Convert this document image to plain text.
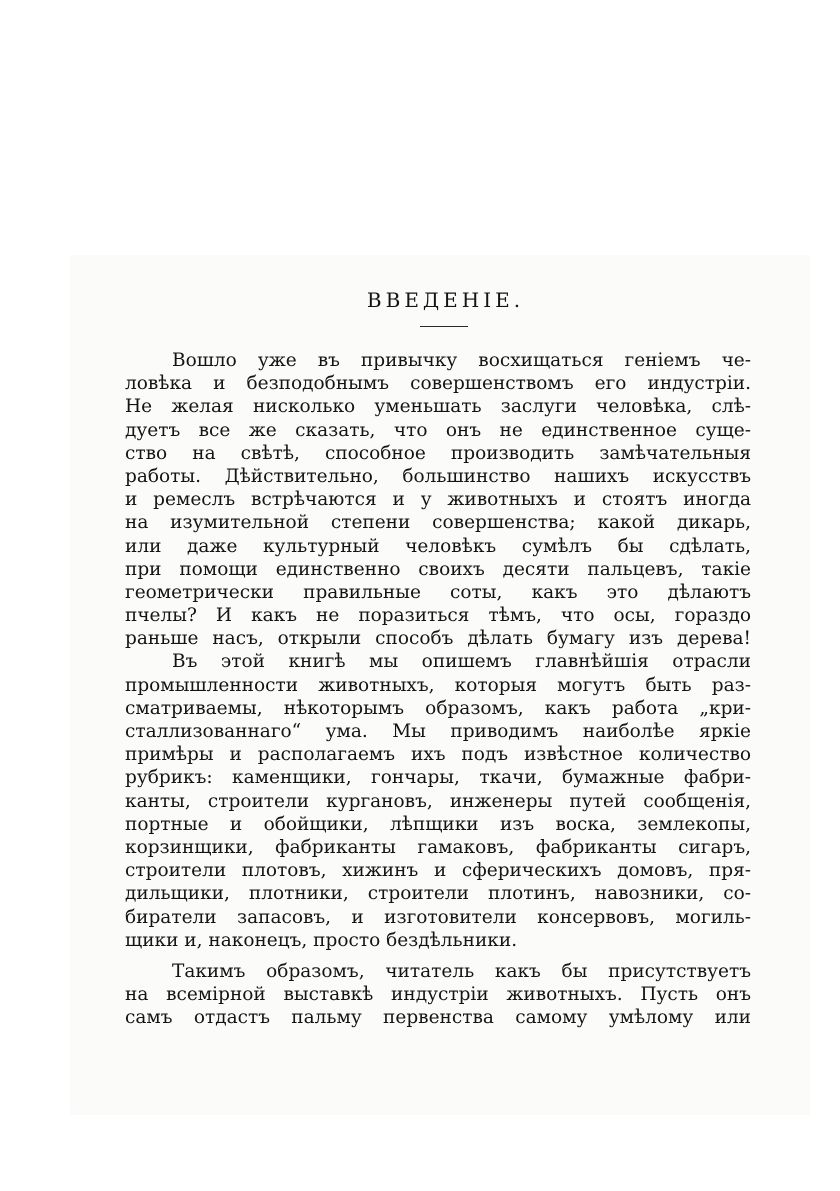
ВВЕДЕНІЕ.
Вошло уже въ привычку восхищаться геніемъ че-
ловѣка и безподобнымъ совершенствомъ его индустріи.
Не желая нисколько уменьшать заслуги человѣка, слѣ-
дуетъ все же сказать, что онъ не единственное суще-
ство на свѣтѣ, способное производить замѣчательныя
работы. Дѣйствительно, большинство нашихъ искусствъ
и ремеслъ встрѣчаются и у животныхъ и стоятъ иногда
на изумительной степени совершенства; какой дикарь,
или даже культурный человѣкъ сумѣлъ бы сдѣлать,
при помощи единственно своихъ десяти пальцевъ, такіе
геометрически правильные соты, какъ это дѣлаютъ
пчелы? И какъ не поразиться тѣмъ, что осы, гораздо
раньше насъ, открыли способъ дѣлать бумагу изъ дерева!
Въ этой книгѣ мы опишемъ главнѣйшія отрасли
промышленности животныхъ, которыя могутъ быть раз-
сматриваемы, нѣкоторымъ образомъ, какъ работа „кри-
сталлизованнаго“ ума. Мы приводимъ наиболѣе яркіе
примѣры и располагаемъ ихъ подъ извѣстное количество
рубрикъ: каменщики, гончары, ткачи, бумажные фабри-
канты, строители кургановъ, инженеры путей сообщенія,
портные и обойщики, лѣпщики изъ воска, землекопы,
корзинщики, фабриканты гамаковъ, фабриканты сигаръ,
строители плотовъ, хижинъ и сферическихъ домовъ, пря-
дильщики, плотники, строители плотинъ, навозники, со-
биратели запасовъ, и изготовители консервовъ, могиль-
щики и, наконецъ, просто бездѣльники.
Такимъ образомъ, читатель какъ бы присутствуетъ
на всемірной выставкѣ индустріи животныхъ. Пусть онъ
самъ отдастъ пальму первенства самому умѣлому или
